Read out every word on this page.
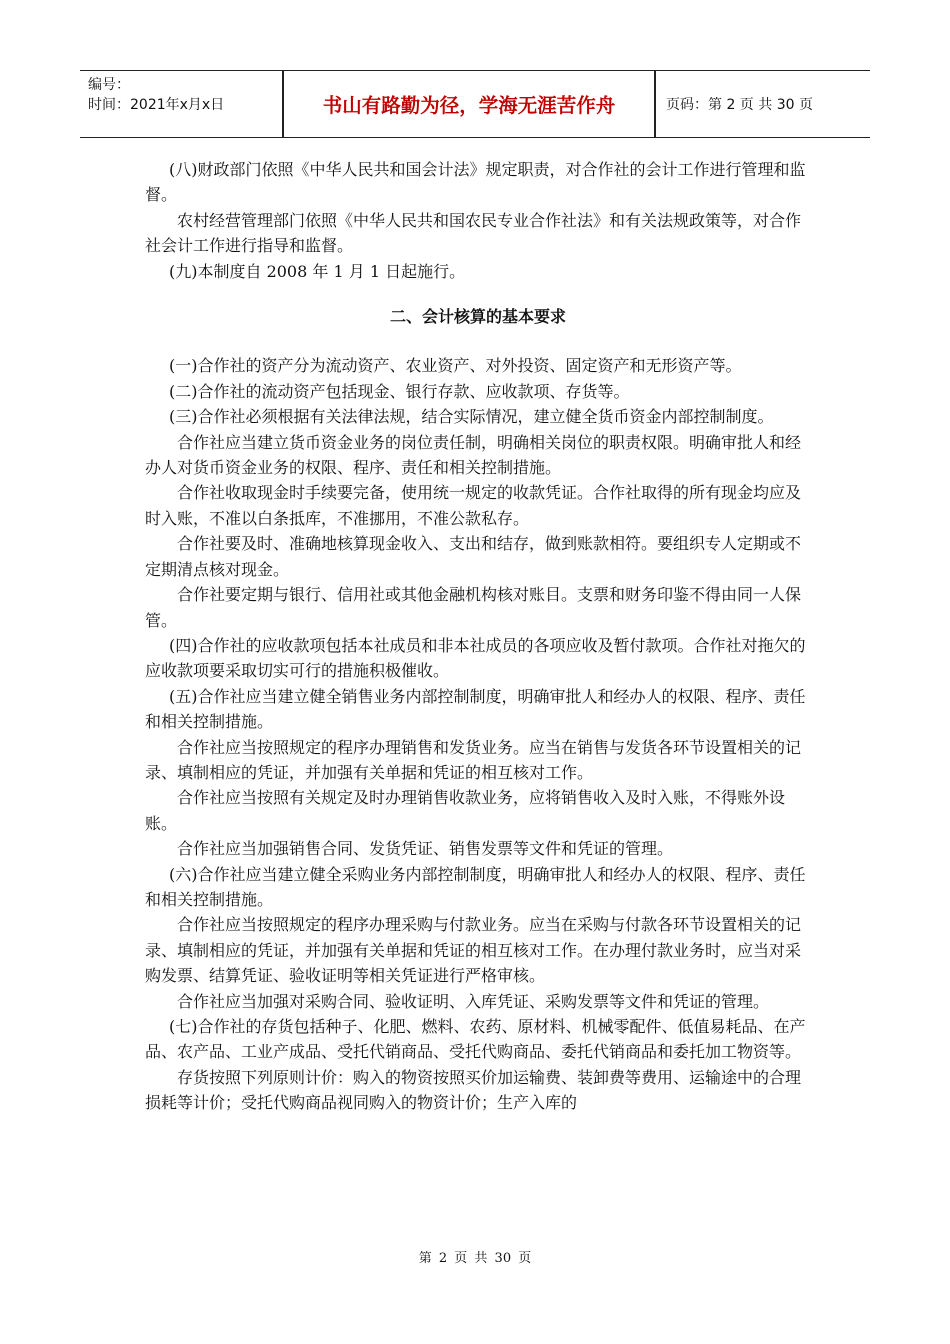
编号：
时间：2021年x月x日	书山有路勤为径，学海无涯苦作舟	页码：第 2 页 共 30 页

(八)财政部门依照《中华人民共和国会计法》规定职责，对合作社的会计工作进行管理和监督。

农村经营管理部门依照《中华人民共和国农民专业合作社法》和有关法规政策等，对合作社会计工作进行指导和监督。

(九)本制度自 2008 年 1 月 1 日起施行。

二、会计核算的基本要求

(一)合作社的资产分为流动资产、农业资产、对外投资、固定资产和无形资产等。

(二)合作社的流动资产包括现金、银行存款、应收款项、存货等。

(三)合作社必须根据有关法律法规，结合实际情况，建立健全货币资金内部控制制度。

合作社应当建立货币资金业务的岗位责任制，明确相关岗位的职责权限。明确审批人和经办人对货币资金业务的权限、程序、责任和相关控制措施。

合作社收取现金时手续要完备，使用统一规定的收款凭证。合作社取得的所有现金均应及时入账，不准以白条抵库，不准挪用，不准公款私存。

合作社要及时、准确地核算现金收入、支出和结存，做到账款相符。要组织专人定期或不定期清点核对现金。

合作社要定期与银行、信用社或其他金融机构核对账目。支票和财务印鉴不得由同一人保管。

(四)合作社的应收款项包括本社成员和非本社成员的各项应收及暂付款项。合作社对拖欠的应收款项要采取切实可行的措施积极催收。

(五)合作社应当建立健全销售业务内部控制制度，明确审批人和经办人的权限、程序、责任和相关控制措施。

合作社应当按照规定的程序办理销售和发货业务。应当在销售与发货各环节设置相关的记录、填制相应的凭证，并加强有关单据和凭证的相互核对工作。

合作社应当按照有关规定及时办理销售收款业务，应将销售收入及时入账，不得账外设账。

合作社应当加强销售合同、发货凭证、销售发票等文件和凭证的管理。

(六)合作社应当建立健全采购业务内部控制制度，明确审批人和经办人的权限、程序、责任和相关控制措施。

合作社应当按照规定的程序办理采购与付款业务。应当在采购与付款各环节设置相关的记录、填制相应的凭证，并加强有关单据和凭证的相互核对工作。在办理付款业务时，应当对采购发票、结算凭证、验收证明等相关凭证进行严格审核。

合作社应当加强对采购合同、验收证明、入库凭证、采购发票等文件和凭证的管理。

(七)合作社的存货包括种子、化肥、燃料、农药、原材料、机械零配件、低值易耗品、在产品、农产品、工业产成品、受托代销商品、受托代购商品、委托代销商品和委托加工物资等。

存货按照下列原则计价：购入的物资按照买价加运输费、装卸费等费用、运输途中的合理损耗等计价；受托代购商品视同购入的物资计价；生产入库的

第 2 页 共 30 页
